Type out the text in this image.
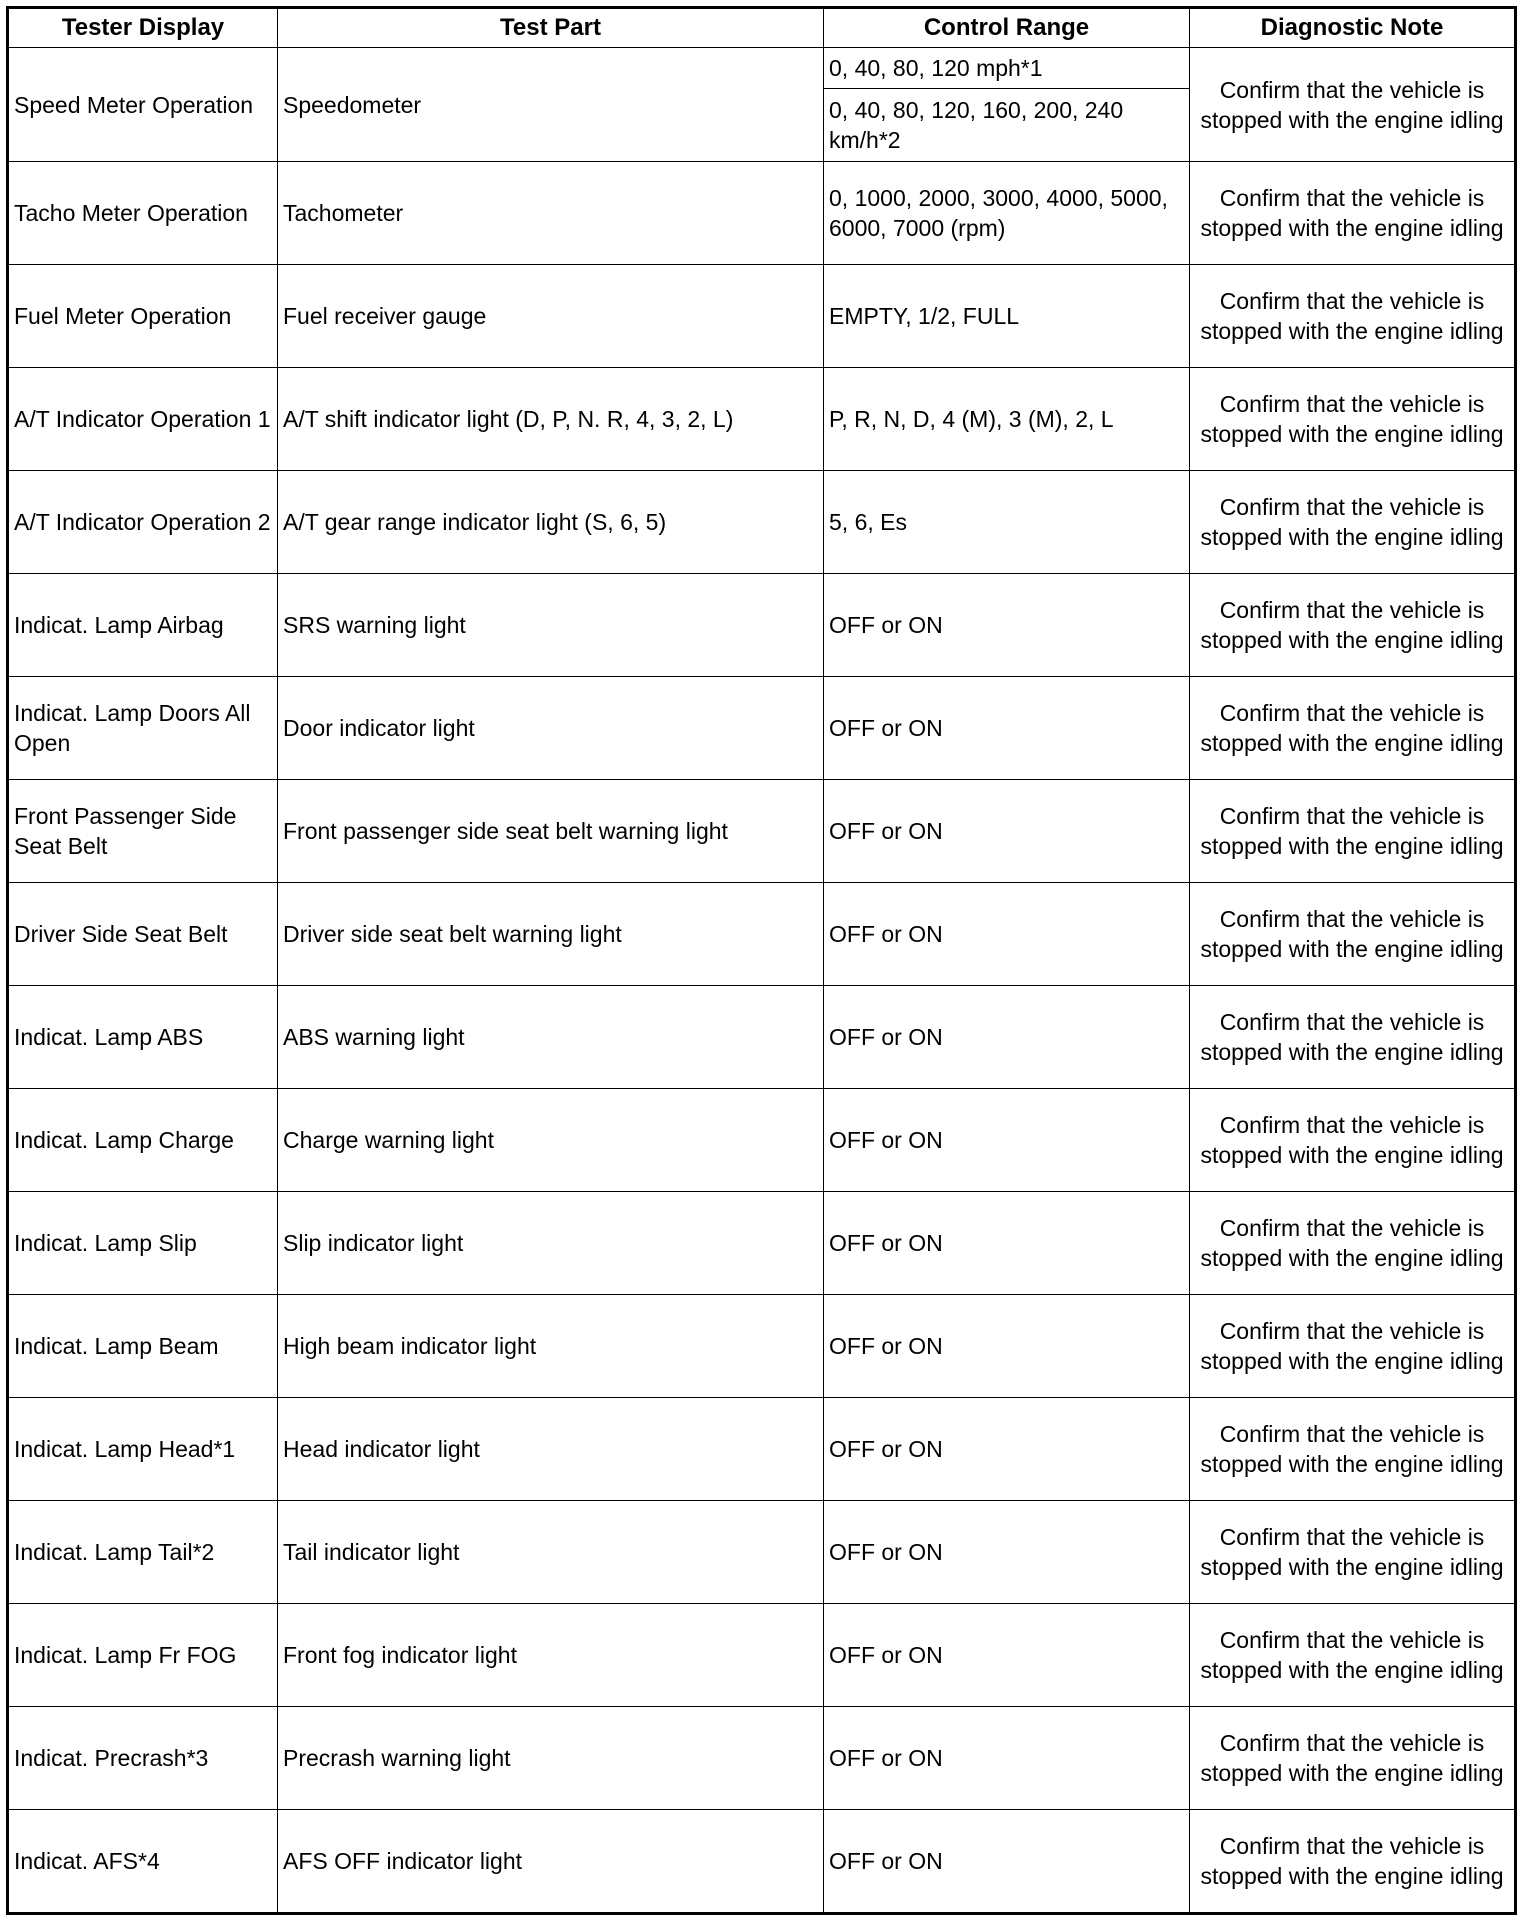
Tester Display	Test Part	Control Range	Diagnostic Note
Speed Meter Operation	Speedometer	0, 40, 80, 120 mph*1	Confirm that the vehicle is stopped with the engine idling
		0, 40, 80, 120, 160, 200, 240 km/h*2	
Tacho Meter Operation	Tachometer	0, 1000, 2000, 3000, 4000, 5000, 6000, 7000 (rpm)	Confirm that the vehicle is stopped with the engine idling
Fuel Meter Operation	Fuel receiver gauge	EMPTY, 1/2, FULL	Confirm that the vehicle is stopped with the engine idling
A/T Indicator Operation 1	A/T shift indicator light (D, P, N. R, 4, 3, 2, L)	P, R, N, D, 4 (M), 3 (M), 2, L	Confirm that the vehicle is stopped with the engine idling
A/T Indicator Operation 2	A/T gear range indicator light (S, 6, 5)	5, 6, Es	Confirm that the vehicle is stopped with the engine idling
Indicat. Lamp Airbag	SRS warning light	OFF or ON	Confirm that the vehicle is stopped with the engine idling
Indicat. Lamp Doors All Open	Door indicator light	OFF or ON	Confirm that the vehicle is stopped with the engine idling
Front Passenger Side Seat Belt	Front passenger side seat belt warning light	OFF or ON	Confirm that the vehicle is stopped with the engine idling
Driver Side Seat Belt	Driver side seat belt warning light	OFF or ON	Confirm that the vehicle is stopped with the engine idling
Indicat. Lamp ABS	ABS warning light	OFF or ON	Confirm that the vehicle is stopped with the engine idling
Indicat. Lamp Charge	Charge warning light	OFF or ON	Confirm that the vehicle is stopped with the engine idling
Indicat. Lamp Slip	Slip indicator light	OFF or ON	Confirm that the vehicle is stopped with the engine idling
Indicat. Lamp Beam	High beam indicator light	OFF or ON	Confirm that the vehicle is stopped with the engine idling
Indicat. Lamp Head*1	Head indicator light	OFF or ON	Confirm that the vehicle is stopped with the engine idling
Indicat. Lamp Tail*2	Tail indicator light	OFF or ON	Confirm that the vehicle is stopped with the engine idling
Indicat. Lamp Fr FOG	Front fog indicator light	OFF or ON	Confirm that the vehicle is stopped with the engine idling
Indicat. Precrash*3	Precrash warning light	OFF or ON	Confirm that the vehicle is stopped with the engine idling
Indicat. AFS*4	AFS OFF indicator light	OFF or ON	Confirm that the vehicle is stopped with the engine idling
